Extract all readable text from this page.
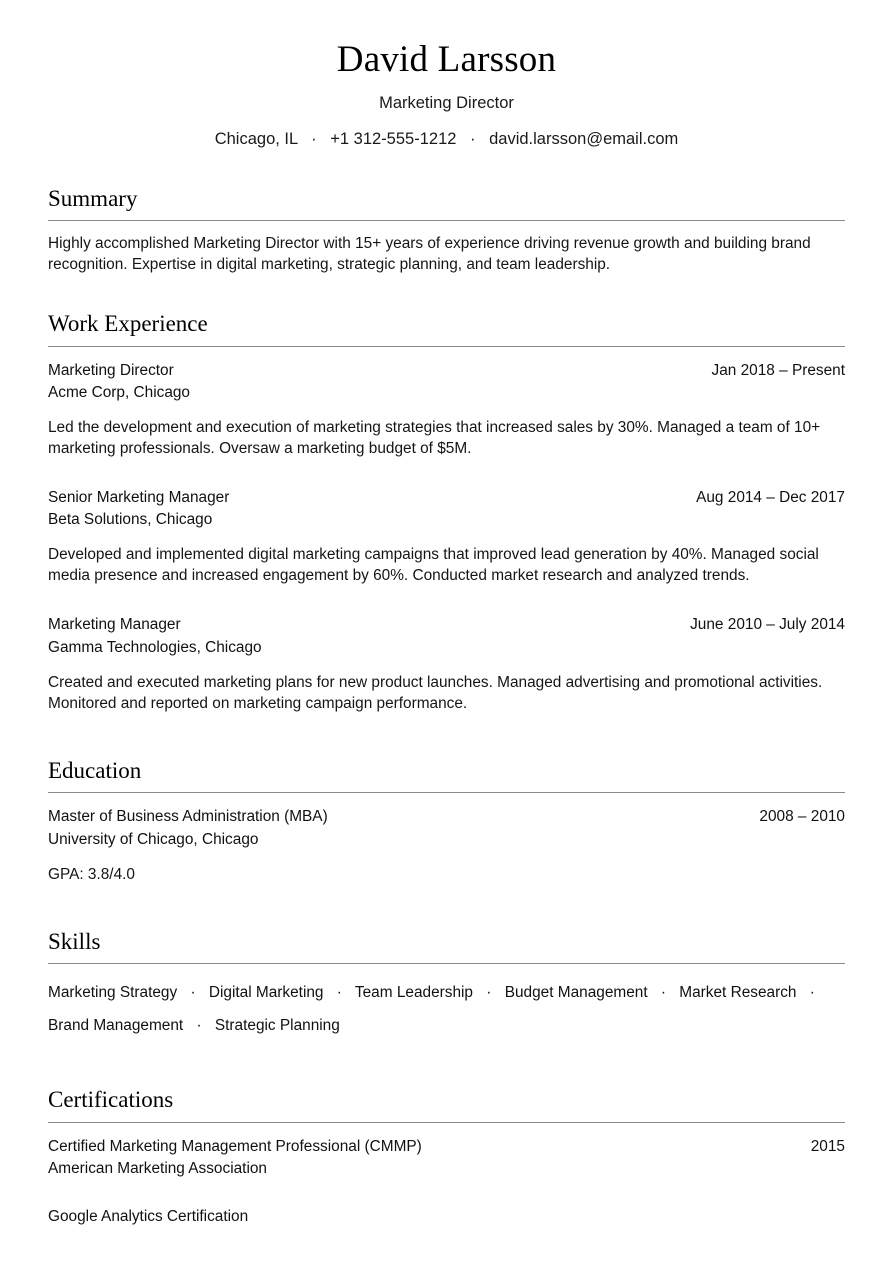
David Larsson
Marketing Director
Chicago, IL · +1 312-555-1212 · david.larsson@email.com
Summary

Highly accomplished Marketing Director with 15+ years of experience driving revenue growth and building brand recognition. Expertise in digital marketing, strategic planning, and team leadership.

Work Experience
Marketing Director	Jan 2018 – Present
Acme Corp, Chicago
Led the development and execution of marketing strategies that increased sales by 30%. Managed a team of 10+ marketing professionals. Oversaw a marketing budget of $5M.
Senior Marketing Manager	Aug 2014 – Dec 2017
Beta Solutions, Chicago
Developed and implemented digital marketing campaigns that improved lead generation by 40%. Managed social media presence and increased engagement by 60%. Conducted market research and analyzed trends.
Marketing Manager	June 2010 – July 2014
Gamma Technologies, Chicago
Created and executed marketing plans for new product launches. Managed advertising and promotional activities. Monitored and reported on marketing campaign performance.
Education
Master of Business Administration (MBA)	2008 – 2010
University of Chicago, Chicago
GPA: 3.8/4.0
Skills
Marketing Strategy · Digital Marketing · Team Leadership · Budget Management · Market Research · Brand Management · Strategic Planning
Certifications
Certified Marketing Management Professional (CMMP)	2015
American Marketing Association
Google Analytics Certification
